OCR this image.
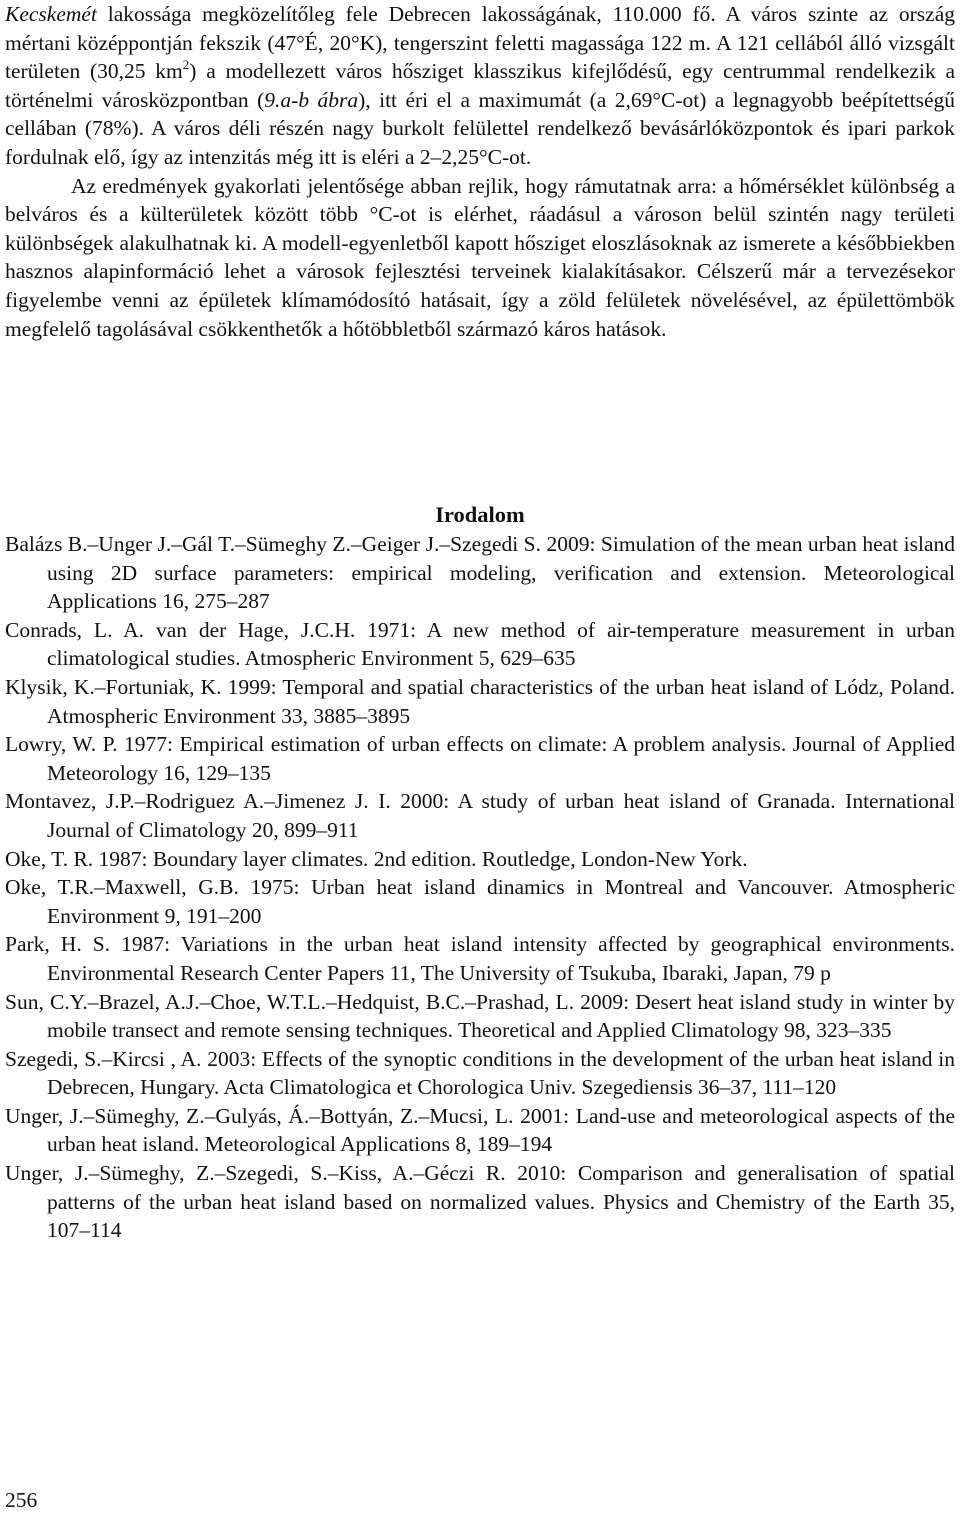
Kecskemét lakossága megközelítőleg fele Debrecen lakosságának, 110.000 fő. A város szinte az ország mértani középpontján fekszik (47°É, 20°K), tengerszint feletti magassága 122 m. A 121 cellából álló vizsgált területen (30,25 $km^2$) a modellezett város hősziget klasszikus kifejlődésű, egy centrummal rendelkezik a történelmi városközpontban (9.a-b ábra), itt éri el a maximumát (a 2,69°C-ot) a legnagyobb beépítettségű cellában (78%). A város déli részén nagy burkolt felülettel rendelkező bevásárlóközpontok és ipari parkok fordulnak elő, így az intenzitás még itt is eléri a 2–2,25°C-ot.

Az eredmények gyakorlati jelentősége abban rejlik, hogy rámutatnak arra: a hőmérséklet különbség a belváros és a külterületek között több °C-ot is elérhet, ráadásul a városon belül szintén nagy területi különbségek alakulhatnak ki. A modell-egyenletből kapott hősziget eloszlásoknak az ismerete a későbbiekben hasznos alapinformáció lehet a városok fejlesztési terveinek kialakításakor. Célszerű már a tervezésekor figyelembe venni az épületek klímamódosító hatásait, így a zöld felületek növelésével, az épülettömbök megfelelő tagolásával csökkenthetők a hőtöbbletből származó káros hatások.

Irodalom

Balázs B.–Unger J.–Gál T.–Sümeghy Z.–Geiger J.–Szegedi S. 2009: Simulation of the mean urban heat island using 2D surface parameters: empirical modeling, verification and extension. Meteorological Applications 16, 275–287

Conrads, L. A. van der Hage, J.C.H. 1971: A new method of air-temperature measurement in urban climatological studies. Atmospheric Environment 5, 629–635

Klysik, K.–Fortuniak, K. 1999: Temporal and spatial characteristics of the urban heat island of Lódz, Poland. Atmospheric Environment 33, 3885–3895

Lowry, W. P. 1977: Empirical estimation of urban effects on climate: A problem analysis. Journal of Applied Meteorology 16, 129–135

Montavez, J.P.–Rodriguez A.–Jimenez J. I. 2000: A study of urban heat island of Granada. International Journal of Climatology 20, 899–911

Oke, T. R. 1987: Boundary layer climates. 2nd edition. Routledge, London-New York.

Oke, T.R.–Maxwell, G.B. 1975: Urban heat island dinamics in Montreal and Vancouver. Atmospheric Environment 9, 191–200

Park, H. S. 1987: Variations in the urban heat island intensity affected by geographical environments. Environmental Research Center Papers 11, The University of Tsukuba, Ibaraki, Japan, 79 p

Sun, C.Y.–Brazel, A.J.–Choe, W.T.L.–Hedquist, B.C.–Prashad, L. 2009: Desert heat island study in winter by mobile transect and remote sensing techniques. Theoretical and Applied Climatology 98, 323–335

Szegedi, S.–Kircsi , A. 2003: Effects of the synoptic conditions in the development of the urban heat island in Debrecen, Hungary. Acta Climatologica et Chorologica Univ. Szegediensis 36–37, 111–120

Unger, J.–Sümeghy, Z.–Gulyás, Á.–Bottyán, Z.–Mucsi, L. 2001: Land-use and meteorological aspects of the urban heat island. Meteorological Applications 8, 189–194

Unger, J.–Sümeghy, Z.–Szegedi, S.–Kiss, A.–Géczi R. 2010: Comparison and generalisation of spatial patterns of the urban heat island based on normalized values. Physics and Chemistry of the Earth 35, 107–114

256
